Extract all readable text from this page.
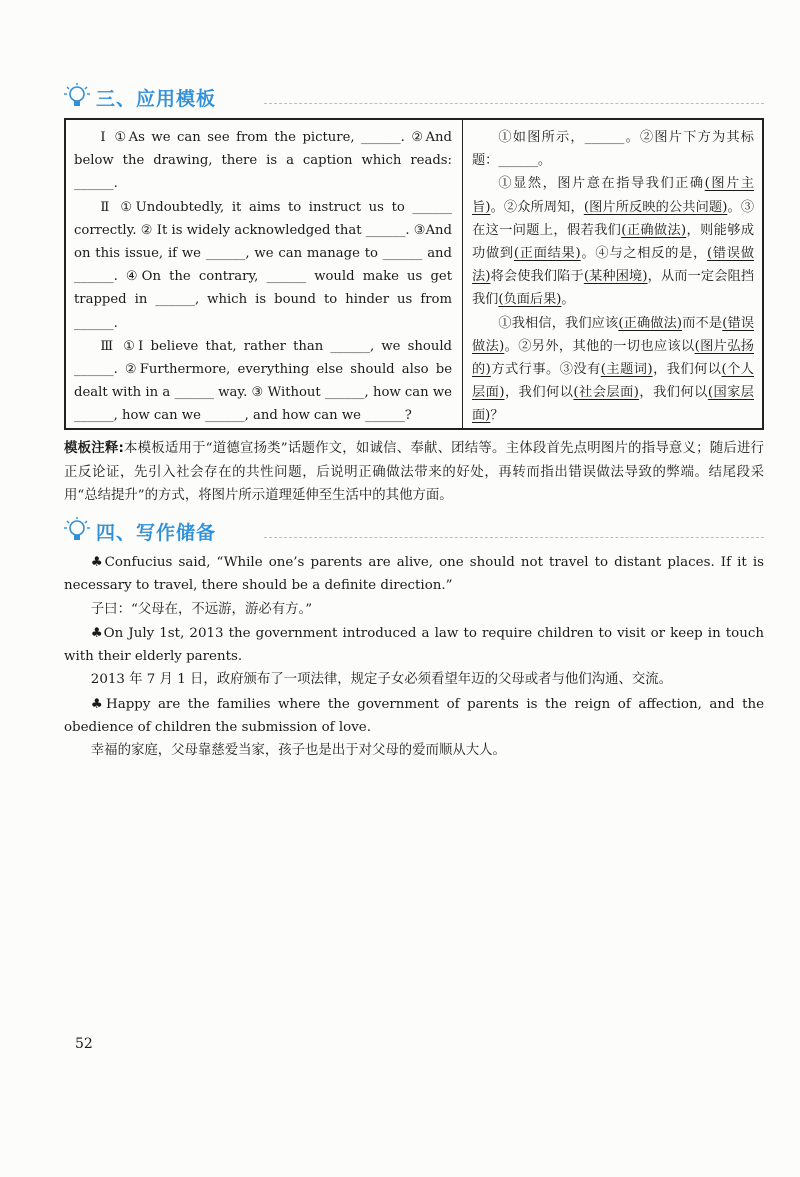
三、应用模板

Ⅰ ①As we can see from the picture, ______. ②And below the drawing, there is a caption which reads: ______.

Ⅱ ①Undoubtedly, it aims to instruct us to ______ correctly. ② It is widely acknowledged that ______. ③And on this issue, if we ______, we can manage to ______ and ______. ④On the contrary, ______ would make us get trapped in ______, which is bound to hinder us from ______.

Ⅲ ①I believe that, rather than ______, we should ______. ②Furthermore, everything else should also be dealt with in a ______ way. ③ Without ______, how can we ______, how can we ______, and how can we ______?

①如图所示，______。②图片下方为其标题：______。

①显然，图片意在指导我们正确(图片主旨)。②众所周知，(图片所反映的公共问题)。③在这一问题上，假若我们(正确做法)，则能够成功做到(正面结果)。④与之相反的是，(错误做法)将会使我们陷于(某种困境)，从而一定会阻挡我们(负面后果)。

①我相信，我们应该(正确做法)而不是(错误做法)。②另外，其他的一切也应该以(图片弘扬的)方式行事。③没有(主题词)，我们何以(个人层面)，我们何以(社会层面)，我们何以(国家层面)？

模板注释:本模板适用于“道德宣扬类”话题作文，如诚信、奉献、团结等。主体段首先点明图片的指导意义；随后进行正反论证，先引入社会存在的共性问题，后说明正确做法带来的好处，再转而指出错误做法导致的弊端。结尾段采用“总结提升”的方式，将图片所示道理延伸至生活中的其他方面。
四、写作储备

♣Confucius said, “While one’s parents are alive, one should not travel to distant places. If it is necessary to travel, there should be a definite direction.”

子曰：“父母在，不远游，游必有方。”

♣On July 1st, 2013 the government introduced a law to require children to visit or keep in touch with their elderly parents.

2013 年 7 月 1 日，政府颁布了一项法律，规定子女必须看望年迈的父母或者与他们沟通、交流。

♣Happy are the families where the government of parents is the reign of affection, and the obedience of children the submission of love.

幸福的家庭，父母靠慈爱当家，孩子也是出于对父母的爱而顺从大人。

52
